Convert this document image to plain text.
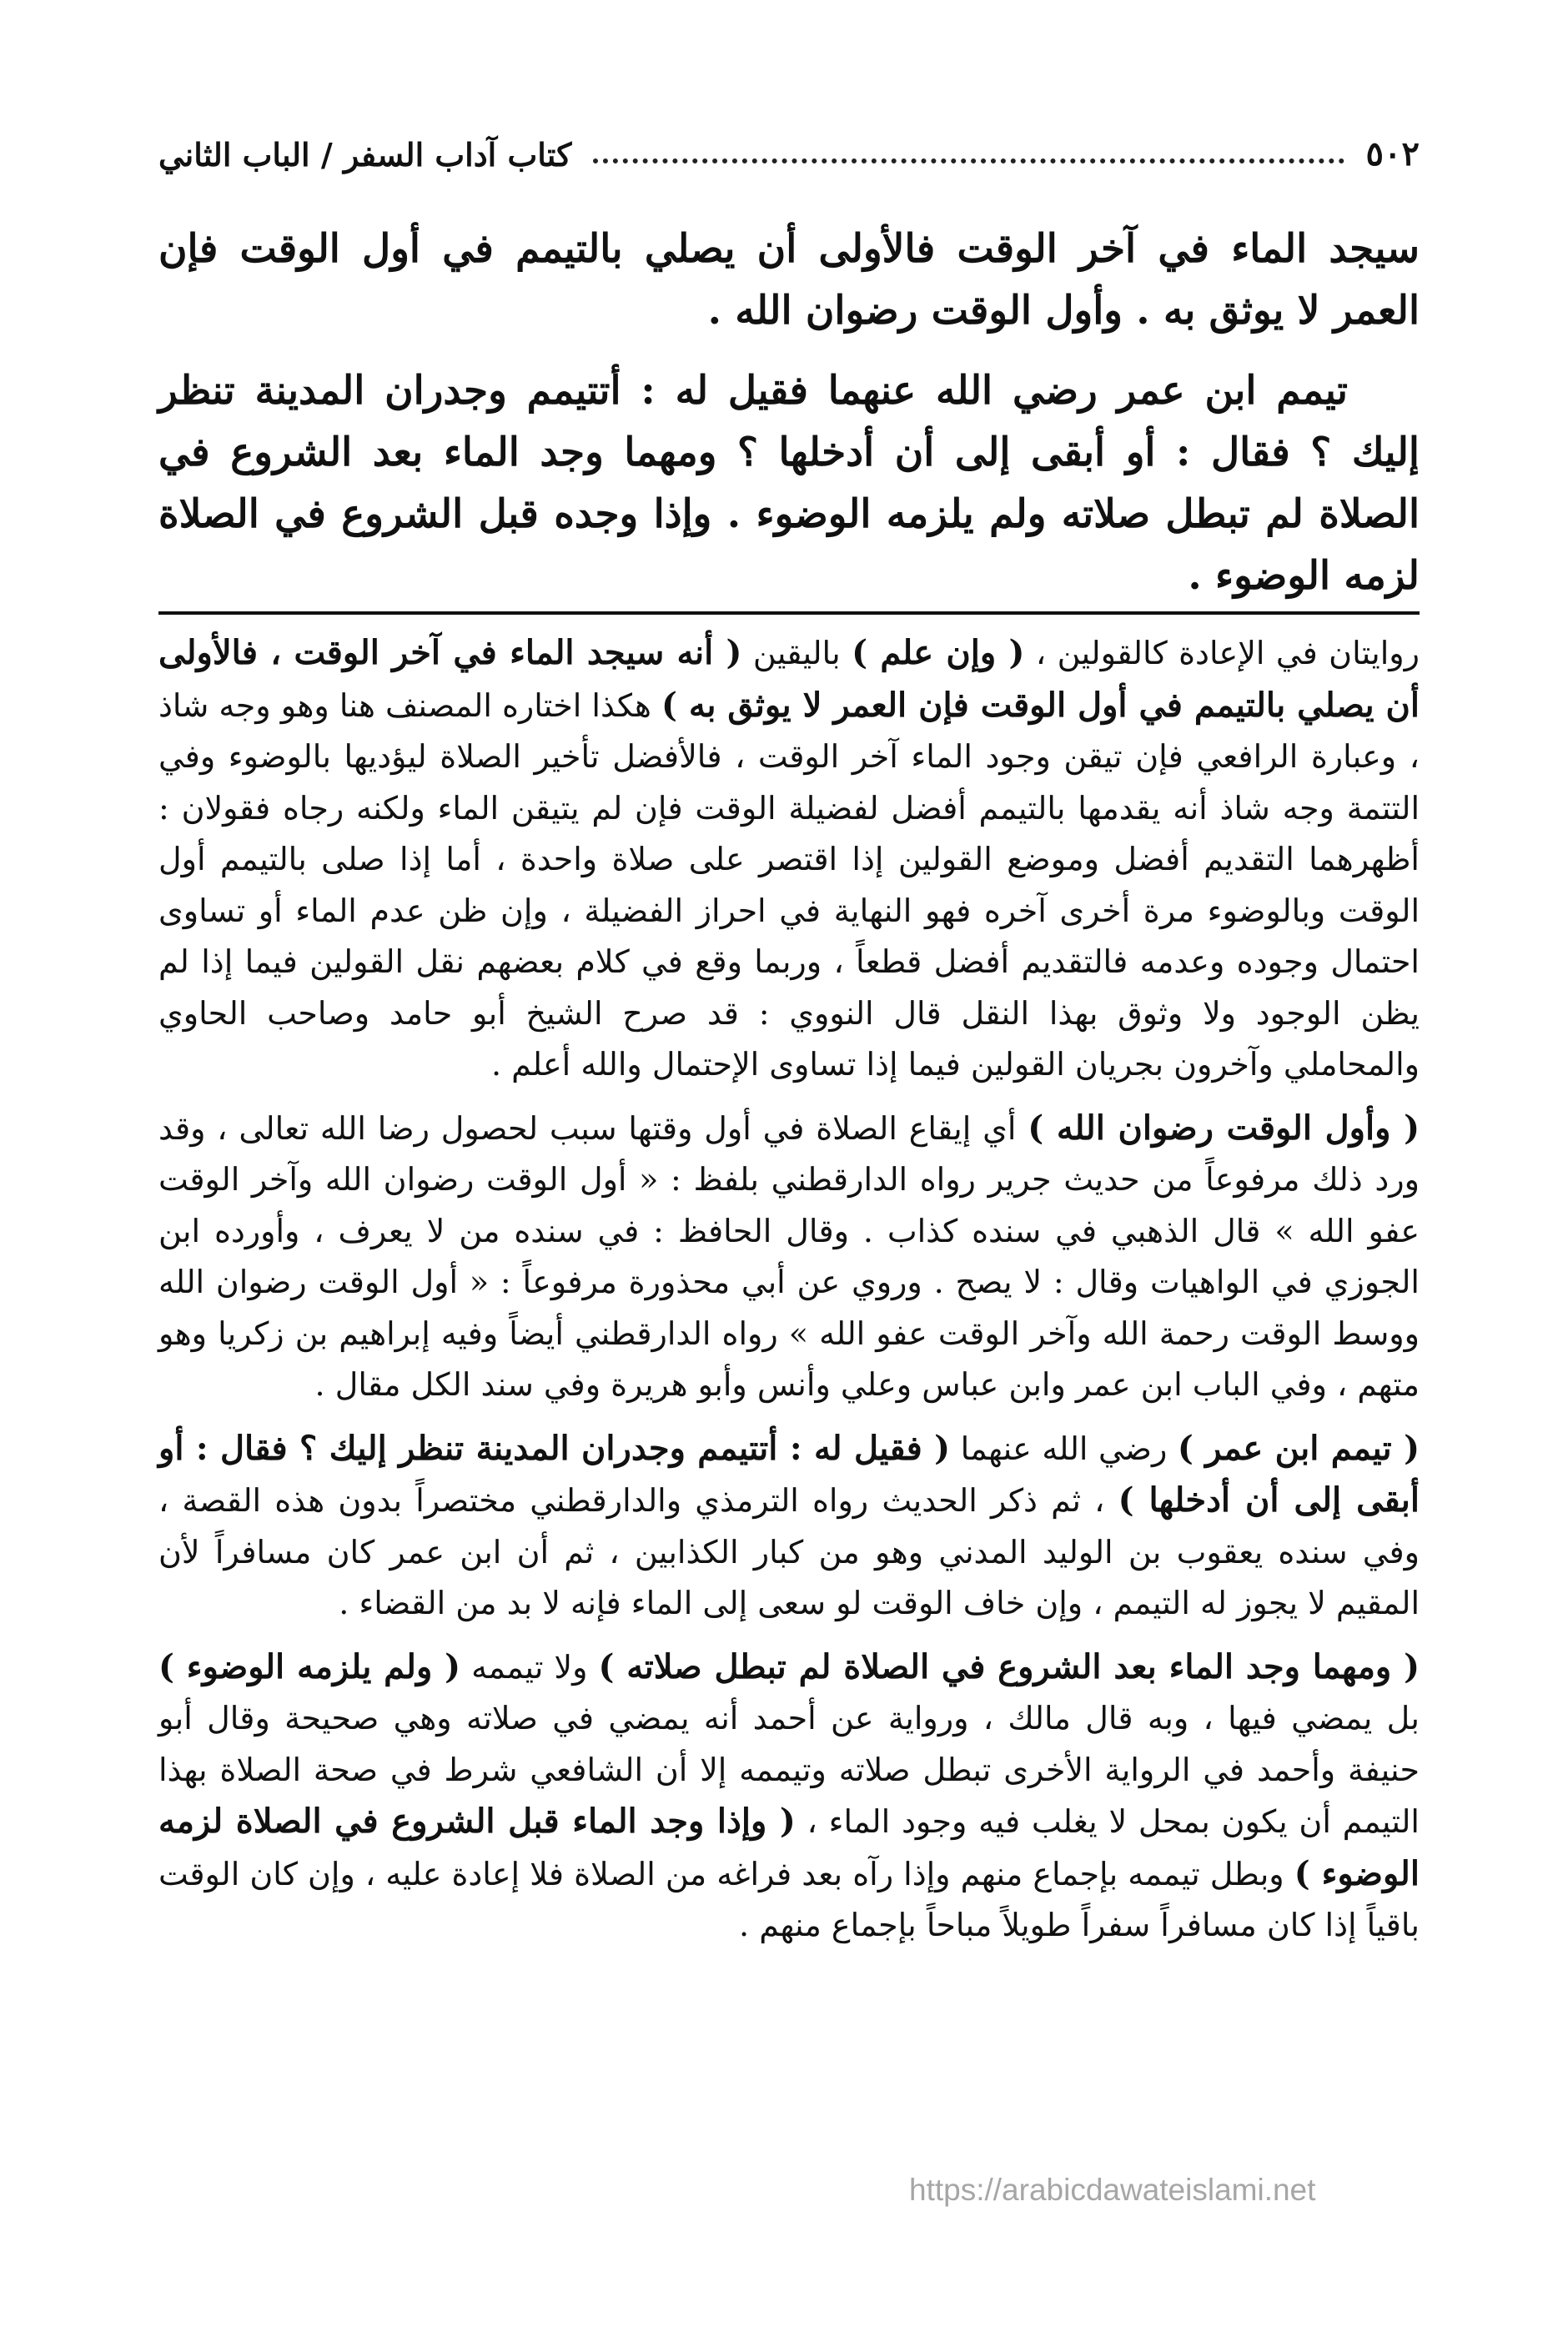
٥٠٢
كتاب آداب السفر / الباب الثاني

سيجد الماء في آخر الوقت فالأولى أن يصلي بالتيمم في أول الوقت فإن العمر لا يوثق به . وأول الوقت رضوان الله .

تيمم ابن عمر رضي الله عنهما فقيل له : أتتيمم وجدران المدينة تنظر إليك ؟ فقال : أو أبقى إلى أن أدخلها ؟ ومهما وجد الماء بعد الشروع في الصلاة لم تبطل صلاته ولم يلزمه الوضوء . وإذا وجده قبل الشروع في الصلاة لزمه الوضوء .

روايتان في الإعادة كالقولين ، ( وإن علم ) باليقين ( أنه سيجد الماء في آخر الوقت ، فالأولى أن يصلي بالتيمم في أول الوقت فإن العمر لا يوثق به ) هكذا اختاره المصنف هنا وهو وجه شاذ ، وعبارة الرافعي فإن تيقن وجود الماء آخر الوقت ، فالأفضل تأخير الصلاة ليؤديها بالوضوء وفي التتمة وجه شاذ أنه يقدمها بالتيمم أفضل لفضيلة الوقت فإن لم يتيقن الماء ولكنه رجاه فقولان : أظهرهما التقديم أفضل وموضع القولين إذا اقتصر على صلاة واحدة ، أما إذا صلى بالتيمم أول الوقت وبالوضوء مرة أخرى آخره فهو النهاية في احراز الفضيلة ، وإن ظن عدم الماء أو تساوى احتمال وجوده وعدمه فالتقديم أفضل قطعاً ، وربما وقع في كلام بعضهم نقل القولين فيما إذا لم يظن الوجود ولا وثوق بهذا النقل قال النووي : قد صرح الشيخ أبو حامد وصاحب الحاوي والمحاملي وآخرون بجريان القولين فيما إذا تساوى الإحتمال والله أعلم .

( وأول الوقت رضوان الله ) أي إيقاع الصلاة في أول وقتها سبب لحصول رضا الله تعالى ، وقد ورد ذلك مرفوعاً من حديث جرير رواه الدارقطني بلفظ : « أول الوقت رضوان الله وآخر الوقت عفو الله » قال الذهبي في سنده كذاب . وقال الحافظ : في سنده من لا يعرف ، وأورده ابن الجوزي في الواهيات وقال : لا يصح . وروي عن أبي محذورة مرفوعاً : « أول الوقت رضوان الله ووسط الوقت رحمة الله وآخر الوقت عفو الله » رواه الدارقطني أيضاً وفيه إبراهيم بن زكريا وهو متهم ، وفي الباب ابن عمر وابن عباس وعلي وأنس وأبو هريرة وفي سند الكل مقال .

( تيمم ابن عمر ) رضي الله عنهما ( فقيل له : أتتيمم وجدران المدينة تنظر إليك ؟ فقال : أو أبقى إلى أن أدخلها ) ، ثم ذكر الحديث رواه الترمذي والدارقطني مختصراً بدون هذه القصة ، وفي سنده يعقوب بن الوليد المدني وهو من كبار الكذابين ، ثم أن ابن عمر كان مسافراً لأن المقيم لا يجوز له التيمم ، وإن خاف الوقت لو سعى إلى الماء فإنه لا بد من القضاء .

( ومهما وجد الماء بعد الشروع في الصلاة لم تبطل صلاته ) ولا تيممه ( ولم يلزمه الوضوء ) بل يمضي فيها ، وبه قال مالك ، ورواية عن أحمد أنه يمضي في صلاته وهي صحيحة وقال أبو حنيفة وأحمد في الرواية الأخرى تبطل صلاته وتيممه إلا أن الشافعي شرط في صحة الصلاة بهذا التيمم أن يكون بمحل لا يغلب فيه وجود الماء ، ( وإذا وجد الماء قبل الشروع في الصلاة لزمه الوضوء ) وبطل تيممه بإجماع منهم وإذا رآه بعد فراغه من الصلاة فلا إعادة عليه ، وإن كان الوقت باقياً إذا كان مسافراً سفراً طويلاً مباحاً بإجماع منهم .

https://arabicdawateislami.net
